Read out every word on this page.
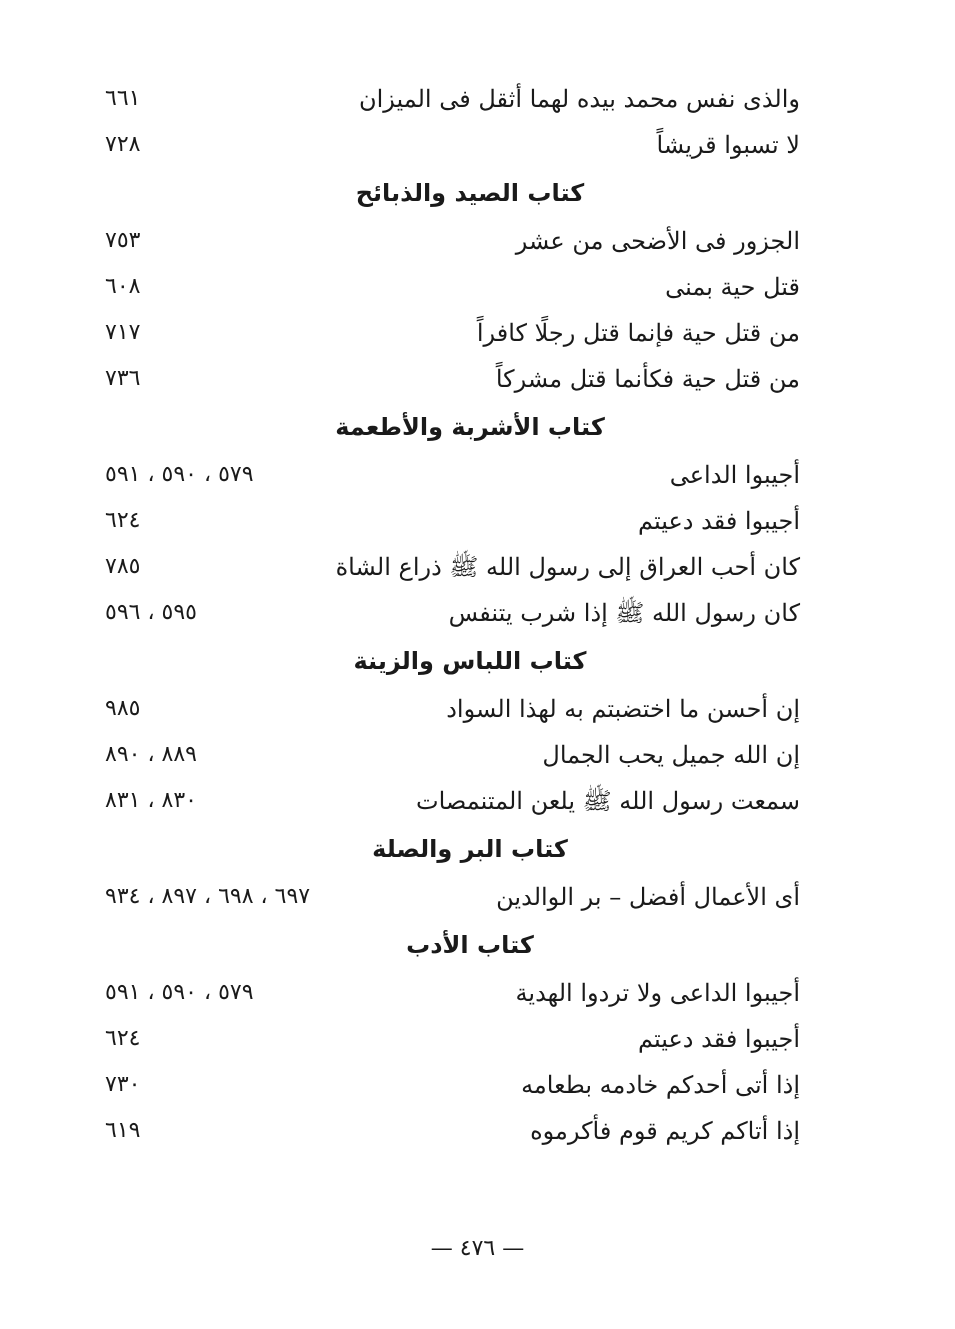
والذى نفس محمد بيده لهما أثقل فى الميزان
٦٦١
لا تسبوا قريشاً
٧٢٨
كتاب الصيد والذبائح
الجزور فى الأضحى من عشر
٧٥٣
قتل حية بمنى
٦٠٨
من قتل حية فإنما قتل رجلًا كافراً
٧١٧
من قتل حية فكأنما قتل مشركاً
٧٣٦
كتاب الأشربة والأطعمة
أجيبوا الداعى
٥٧٩ ، ٥٩٠ ، ٥٩١
أجيبوا فقد دعيتم
٦٢٤
كان أحب العراق إلى رسول الله ﷺ ذراع الشاة
٧٨٥
كان رسول الله ﷺ إذا شرب يتنفس
٥٩٥ ، ٥٩٦
كتاب اللباس والزينة
إن أحسن ما اختضبتم به لهذا السواد
٩٨٥
إن الله جميل يحب الجمال
٨٨٩ ، ٨٩٠
سمعت رسول الله ﷺ يلعن المتنمصات
٨٣٠ ، ٨٣١
كتاب البر والصلة
أى الأعمال أفضل – بر الوالدين
٦٩٧ ، ٦٩٨ ، ٨٩٧ ، ٩٣٤
كتاب الأدب
أجيبوا الداعى ولا تردوا الهدية
٥٧٩ ، ٥٩٠ ، ٥٩١
أجيبوا فقد دعيتم
٦٢٤
إذا أتى أحدكم خادمه بطعامه
٧٣٠
إذا أتاكم كريم قوم فأكرموه
٦١٩
— ٤٧٦ —
